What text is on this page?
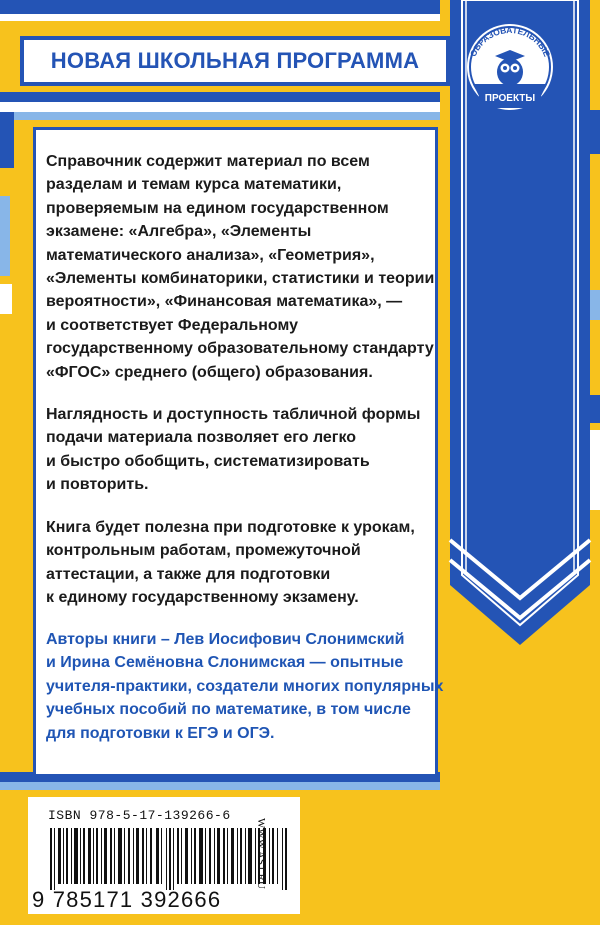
НОВАЯ ШКОЛЬНАЯ ПРОГРАММА	ОБРАЗОВАТЕЛЬНЫЕ
ПРОЕКТЫ

Справочник содержит материал по всем
разделам и темам курса математики,
проверяемым на едином государственном
экзамене: «Алгебра», «Элементы
математического анализа», «Геометрия»,
«Элементы комбинаторики, статистики и теории
вероятности», «Финансовая математика», —
и соответствует Федеральному
государственному образовательному стандарту
«ФГОС» среднего (общего) образования.

Наглядность и доступность табличной формы
подачи материала позволяет его легко
и быстро обобщить, систематизировать
и повторить.

Книга будет полезна при подготовке к урокам,
контрольным работам, промежуточной
аттестации, а также для подготовки
к единому государственному экзамену.

Авторы книги – Лев Иосифович Слонимский
и Ирина Семёновна Слонимская — опытные
учителя-практики, создатели многих популярных
учебных пособий по математике, в том числе
для подготовки к ЕГЭ и ОГЭ.

ISBN 978-5-17-139266-6
9 785171 392666
WWW.AST.RU
